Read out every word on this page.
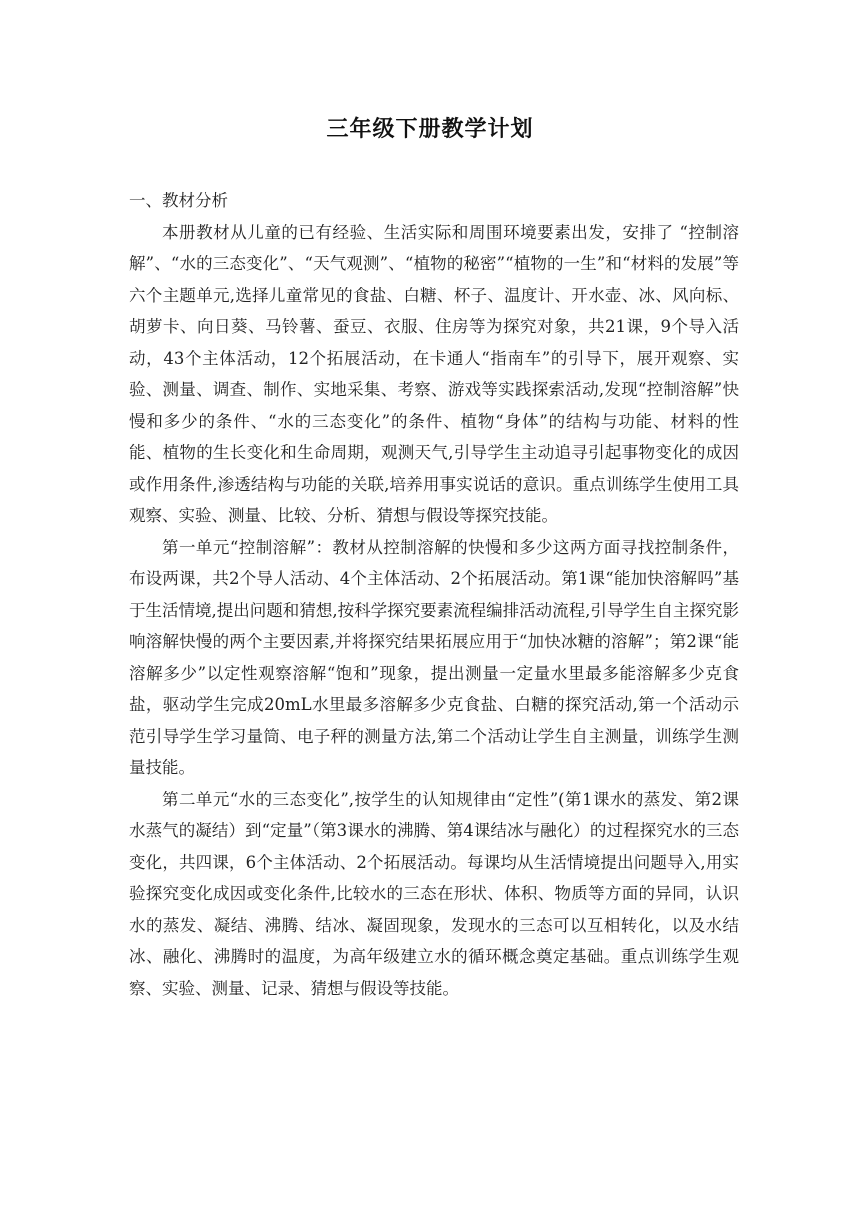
三年级下册教学计划

一、教材分析

本册教材从儿童的已有经验、生活实际和周围环境要素出发，安排了 “控制溶解”、“水的三态变化”、“天气观测”、“植物的秘密”“植物的一生”和“材料的发展”等六个主题单元,选择儿童常见的食盐、白糖、杯子、温度计、开水壶、冰、风向标、胡萝卡、向日葵、马铃薯、蚕豆、衣服、住房等为探究对象，共21课，9个导入活动，43个主体活动，12个拓展活动，在卡通人“指南车”的引导下，展开观察、实验、测量、调查、制作、实地采集、考察、游戏等实践探索活动,发现“控制溶解”快慢和多少的条件、“水的三态变化”的条件、植物“身体”的结构与功能、材料的性能、植物的生长变化和生命周期，观测天气,引导学生主动追寻引起事物变化的成因或作用条件,渗透结构与功能的关联,培养用事实说话的意识。重点训练学生使用工具观察、实验、测量、比较、分析、猜想与假设等探究技能。

第一单元“控制溶解”：教材从控制溶解的快慢和多少这两方面寻找控制条件，布设两课，共2个导人活动、4个主体活动、2个拓展活动。第1课“能加快溶解吗”基于生活情境,提出问题和猜想,按科学探究要素流程编排活动流程,引导学生自主探究影响溶解快慢的两个主要因素,并将探究结果拓展应用于“加快冰糖的溶解”；第2课“能溶解多少”以定性观察溶解“饱和”现象，提出测量一定量水里最多能溶解多少克食盐，驱动学生完成20mL水里最多溶解多少克食盐、白糖的探究活动,第一个活动示范引导学生学习量筒、电子秤的测量方法,第二个活动让学生自主测量，训练学生测量技能。

第二单元“水的三态变化”,按学生的认知规律由“定性”(第1课水的蒸发、第2课水蒸气的凝结）到“定量”（第3课水的沸腾、第4课结冰与融化）的过程探究水的三态变化，共四课，6个主体活动、2个拓展活动。每课均从生活情境提出问题导入,用实验探究变化成因或变化条件,比较水的三态在形状、体积、物质等方面的异同，认识水的蒸发、凝结、沸腾、结冰、凝固现象，发现水的三态可以互相转化，以及水结冰、融化、沸腾时的温度，为高年级建立水的循环概念奠定基础。重点训练学生观察、实验、测量、记录、猜想与假设等技能。
